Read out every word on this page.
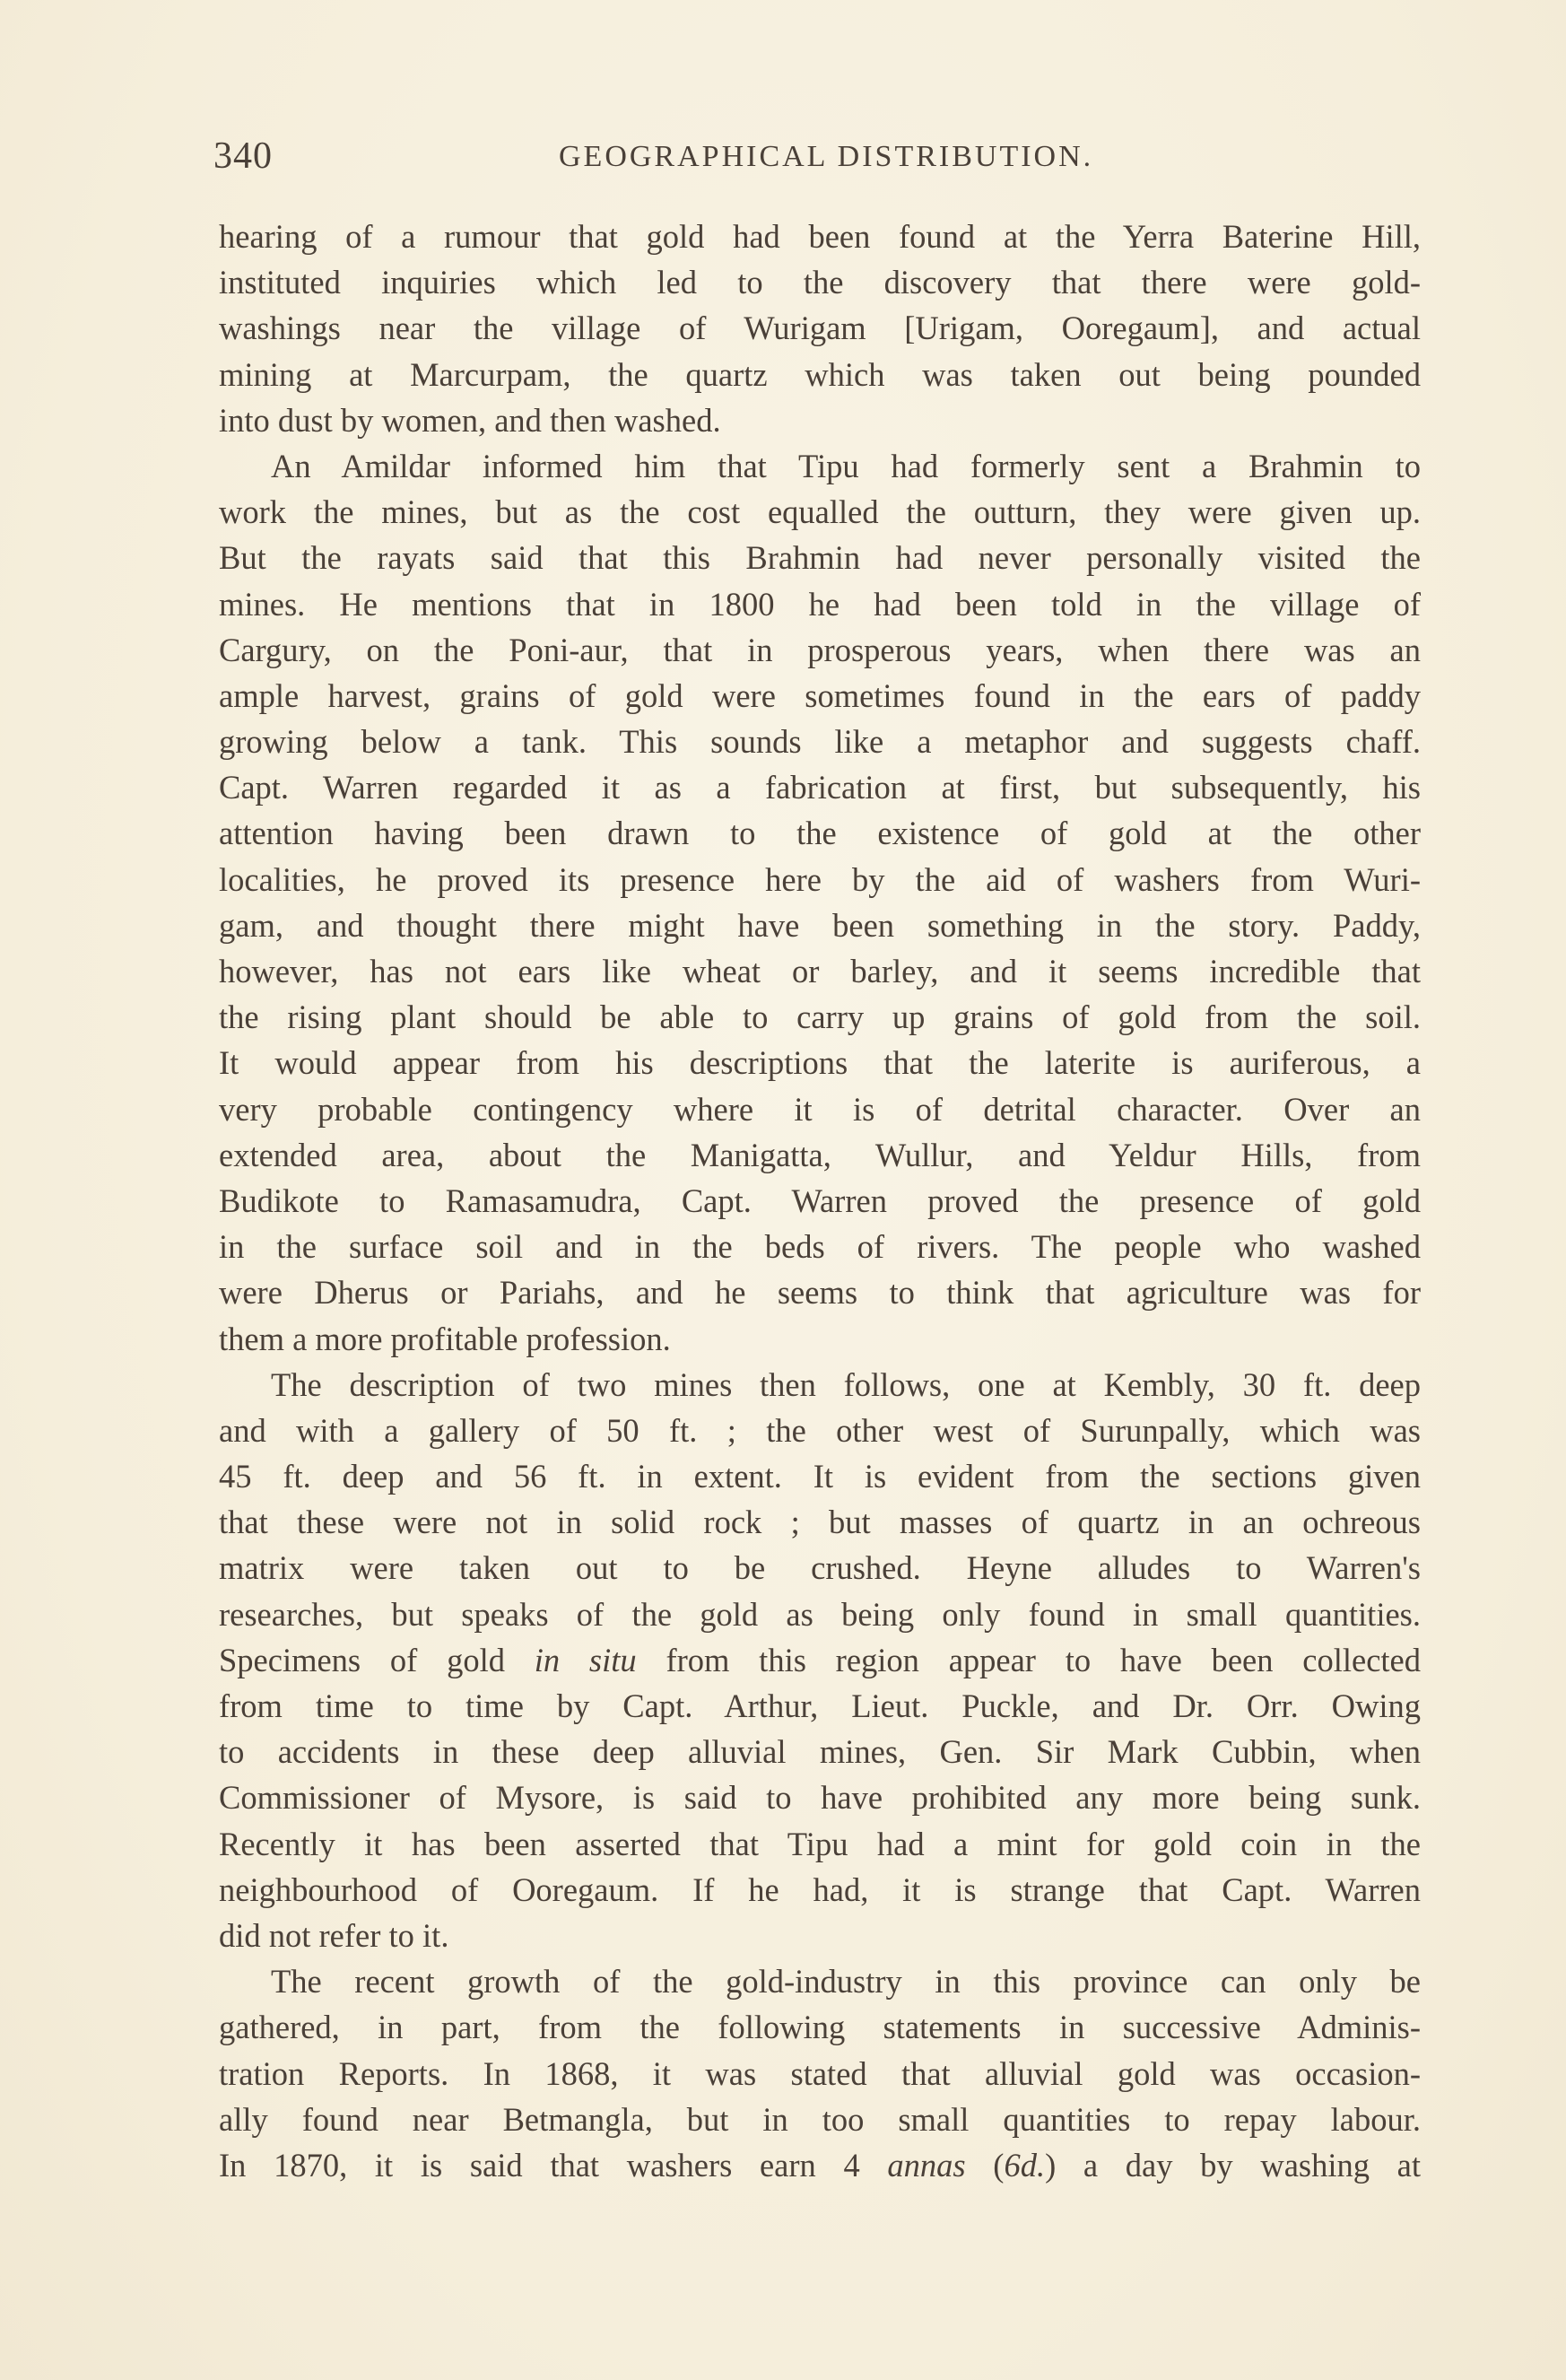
340	GEOGRAPHICAL DISTRIBUTION.
hearing of a rumour that gold had been found at the Yerra Baterine Hill,
instituted inquiries which led to the discovery that there were gold-
washings near the village of Wurigam [Urigam, Ooregaum], and actual
mining at Marcurpam, the quartz which was taken out being pounded
into dust by women, and then washed.
An Amildar informed him that Tipu had formerly sent a Brahmin to
work the mines, but as the cost equalled the outturn, they were given up.
But the rayats said that this Brahmin had never personally visited the
mines. He mentions that in 1800 he had been told in the village of
Cargury, on the Poni-aur, that in prosperous years, when there was an
ample harvest, grains of gold were sometimes found in the ears of paddy
growing below a tank. This sounds like a metaphor and suggests chaff.
Capt. Warren regarded it as a fabrication at first, but subsequently, his
attention having been drawn to the existence of gold at the other
localities, he proved its presence here by the aid of washers from Wuri-
gam, and thought there might have been something in the story. Paddy,
however, has not ears like wheat or barley, and it seems incredible that
the rising plant should be able to carry up grains of gold from the soil.
It would appear from his descriptions that the laterite is auriferous, a
very probable contingency where it is of detrital character. Over an
extended area, about the Manigatta, Wullur, and Yeldur Hills, from
Budikote to Ramasamudra, Capt. Warren proved the presence of gold
in the surface soil and in the beds of rivers. The people who washed
were Dherus or Pariahs, and he seems to think that agriculture was for
them a more profitable profession.
The description of two mines then follows, one at Kembly, 30 ft. deep
and with a gallery of 50 ft. ; the other west of Surunpally, which was
45 ft. deep and 56 ft. in extent. It is evident from the sections given
that these were not in solid rock ; but masses of quartz in an ochreous
matrix were taken out to be crushed. Heyne alludes to Warren's
researches, but speaks of the gold as being only found in small quantities.
Specimens of gold in situ from this region appear to have been collected
from time to time by Capt. Arthur, Lieut. Puckle, and Dr. Orr. Owing
to accidents in these deep alluvial mines, Gen. Sir Mark Cubbin, when
Commissioner of Mysore, is said to have prohibited any more being sunk.
Recently it has been asserted that Tipu had a mint for gold coin in the
neighbourhood of Ooregaum. If he had, it is strange that Capt. Warren
did not refer to it.
The recent growth of the gold-industry in this province can only be
gathered, in part, from the following statements in successive Adminis-
tration Reports. In 1868, it was stated that alluvial gold was occasion-
ally found near Betmangla, but in too small quantities to repay labour.
In 1870, it is said that washers earn 4 annas (6d.) a day by washing at
